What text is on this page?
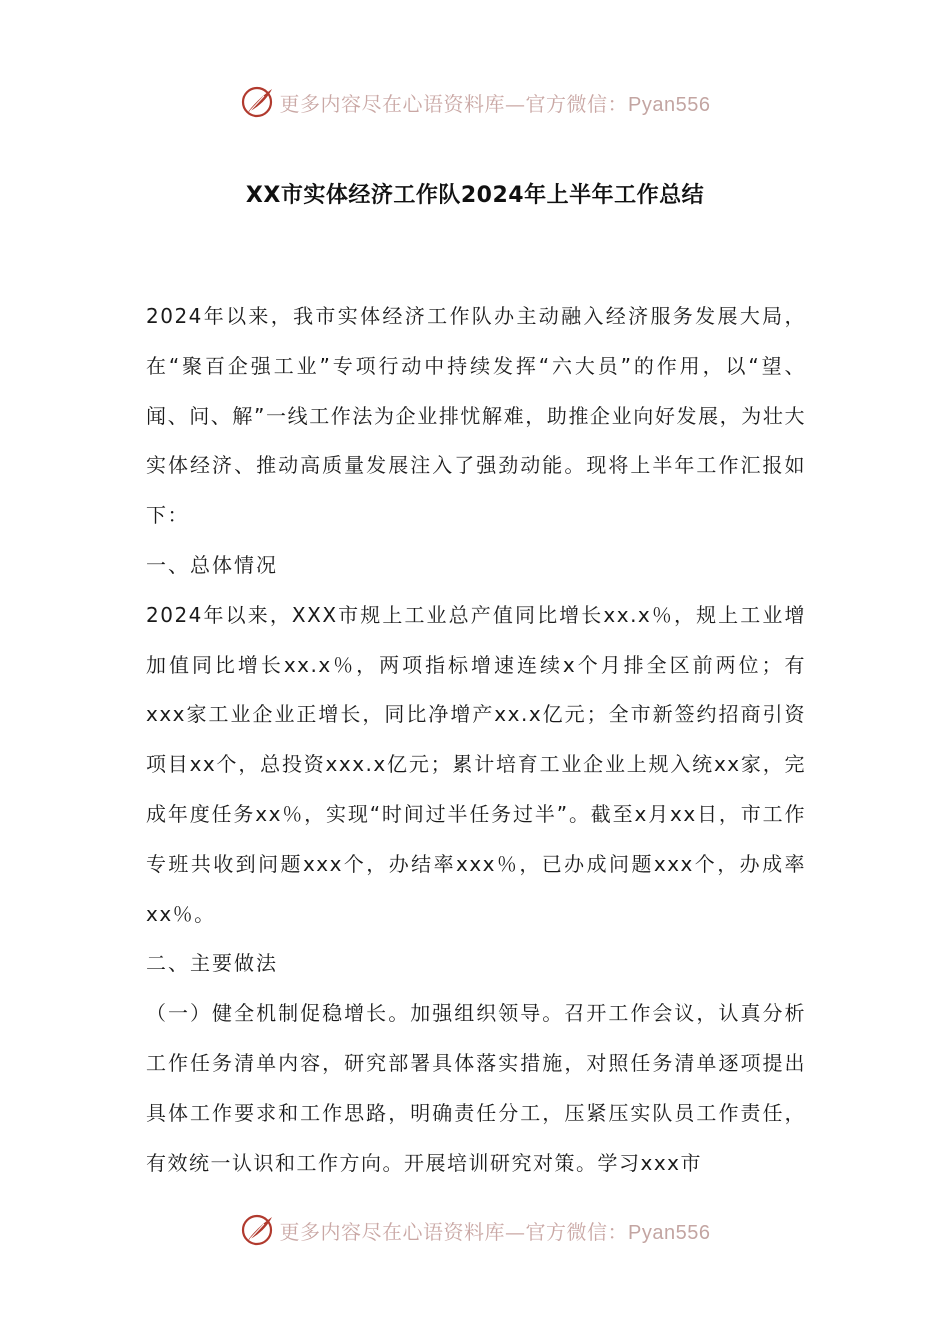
更多内容尽在心语资料库—官方微信：Pyan556
XX市实体经济工作队2024年上半年工作总结

2024年以来，我市实体经济工作队办主动融入经济服务发展大局，在“聚百企强工业”专项行动中持续发挥“六大员”的作用，以“望、闻、问、解”一线工作法为企业排忧解难，助推企业向好发展，为壮大实体经济、推动高质量发展注入了强劲动能。现将上半年工作汇报如下：

一、总体情况

2024年以来，XXX市规上工业总产值同比增长xx.x％，规上工业增加值同比增长xx.x％，两项指标增速连续x个月排全区前两位；有xxx家工业企业正增长，同比净增产xx.x亿元；全市新签约招商引资项目xx个，总投资xxx.x亿元；累计培育工业企业上规入统xx家，完成年度任务xx％，实现“时间过半任务过半”。截至x月xx日，市工作专班共收到问题xxx个，办结率xxx％，已办成问题xxx个，办成率xx％。

二、主要做法

（一）健全机制促稳增长。加强组织领导。召开工作会议，认真分析工作任务清单内容，研究部署具体落实措施，对照任务清单逐项提出具体工作要求和工作思路，明确责任分工，压紧压实队员工作责任，有效统一认识和工作方向。开展培训研究对策。学习xxx市

更多内容尽在心语资料库—官方微信：Pyan556
